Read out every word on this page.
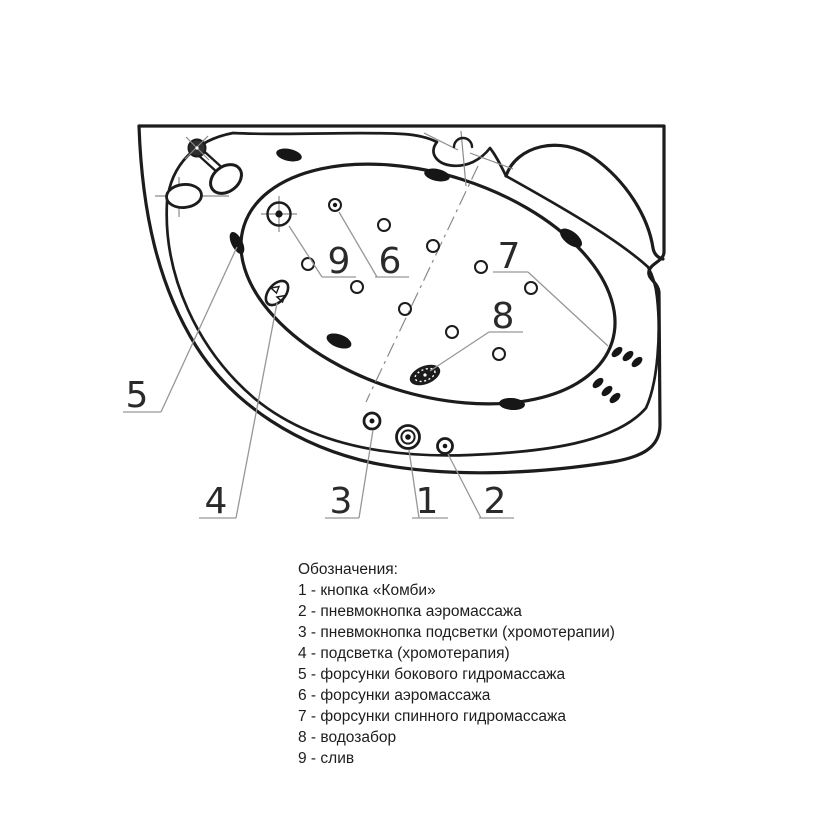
5
9 6	7
8
4	3 1 2
Обозначения:
1 - кнопка «Комби»
2 - пневмокнопка аэромассажа
3 - пневмокнопка подсветки (хромотерапии)
4 - подсветка (хромотерапия)
5 - форсунки бокового гидромассажа
6 - форсунки аэромассажа
7 - форсунки спинного гидромассажа
8 - водозабор
9 - слив
